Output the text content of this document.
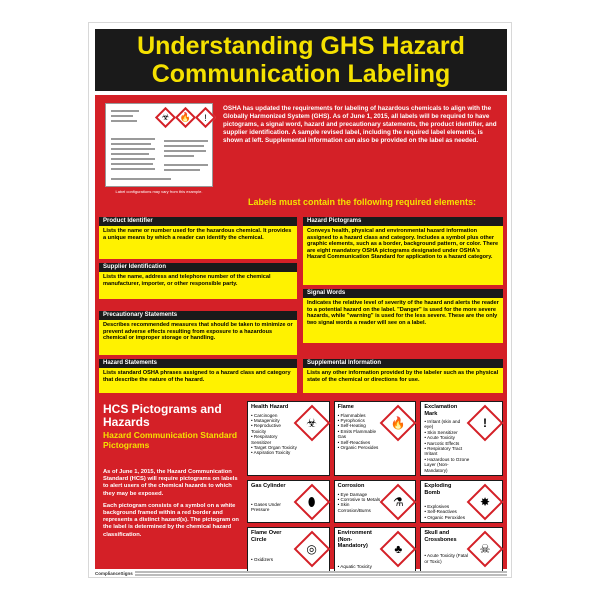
Understanding GHS Hazard
Communication Labeling
☣ 🔥	!
Label configurations may vary from this example.
OSHA has updated the requirements for labeling of hazardous chemicals to align with the Globally Harmonized System (GHS). As of June 1, 2015, all labels will be required to have pictograms, a signal word, hazard and precautionary statements, the product identifier, and supplier identification. A sample revised label, including the required label elements, is shown at left. Supplemental information can also be provided on the label as needed.
Labels must contain the following required elements:
Product Identifier
Lists the name or number used for the hazardous chemical. It provides a unique means by which a reader can identify the chemical.
Supplier Identification
Lists the name, address and telephone number of the chemical manufacturer, importer, or other responsible party.
Precautionary Statements
Describes recommended measures that should be taken to minimize or prevent adverse effects resulting from exposure to a hazardous chemical or improper storage or handling.
Hazard Statements
Lists standard OSHA phrases assigned to a hazard class and category that describe the nature of the hazard.
Hazard Pictograms
Conveys health, physical and environmental hazard information assigned to a hazard class and category. Includes a symbol plus other graphic elements, such as a border, background pattern, or color. There are eight mandatory OSHA pictograms designated under OSHA's Hazard Communication Standard for application to a hazard category.
Signal Words
Indicates the relative level of severity of the hazard and alerts the reader to a potential hazard on the label. "Danger" is used for the more severe hazards, while "warning" is used for the less severe. These are the only two signal words a reader will see on a label.
Supplemental Information
Lists any other information provided by the labeler such as the physical state of the chemical or directions for use.
HCS Pictograms and Hazards
Hazard Communication Standard Pictograms

As of June 1, 2015, the Hazard Communication Standard (HCS) will require pictograms on labels to alert users of the chemical hazards to which they may be exposed.

Each pictogram consists of a symbol on a white background framed within a red border and represents a distinct hazard(s). The pictogram on the label is determined by the chemical hazard classification.

Health Hazard
• Carcinogen
• Mutagenicity
• Reproductive Toxicity
• Respiratory Sensitizer
• Target Organ Toxicity
• Aspiration Toxicity
☣
Flame
• Flammables
• Pyrophorics
• Self-Heating
• Emits Flammable Gas
• Self-Reactives
• Organic Peroxides
🔥
Exclamation Mark
• Irritant (skin and eye)
• Skin Sensitizer
• Acute Toxicity
• Narcotic Effects
• Respiratory Tract Irritant
• Hazardous to Ozone Layer (Non-Mandatory)
!
Gas Cylinder
• Gases Under Pressure
⬮
Corrosion
• Eye Damage
• Corrosive to Metals
• Skin Corrosion/Burns
⚗
Exploding Bomb
• Explosives
• Self-Reactives
• Organic Peroxides
✸
Flame Over Circle
• Oxidizers
◎
Environment (Non-Mandatory)
• Aquatic Toxicity
♣
Skull and Crossbones
• Acute Toxicity (Fatal or Toxic)
☠
ComplianceSigns
